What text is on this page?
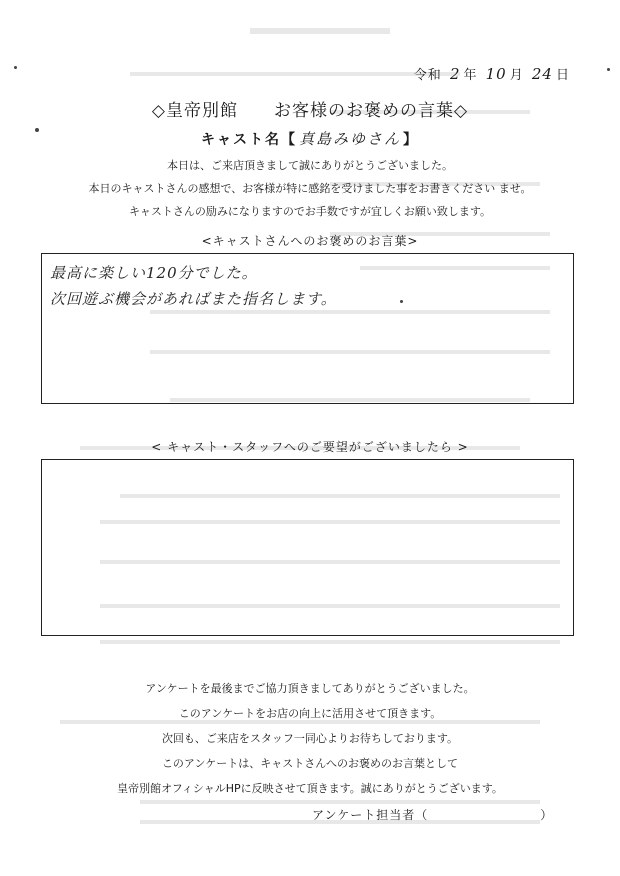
令和 2 年 10 月 24 日
◇皇帝別館　　お客様のお褒めの言葉◇
キャスト名【 真島みゆさん 】
本日は、ご来店頂きまして誠にありがとうございました。
本日のキャストさんの感想で、お客様が特に感銘を受けました事をお書きください ませ。
キャストさんの励みになりますのでお手数ですが宜しくお願い致します。
<キャストさんへのお褒めのお言葉>
最高に楽しい120分でした。
次回遊ぶ機会があればまた指名します。
< キャスト・スタッフへのご要望がございましたら >
アンケートを最後までご協力頂きましてありがとうございました。
このアンケートをお店の向上に活用させて頂きます。
次回も、ご来店をスタッフ一同心よりお待ちしております。
このアンケートは、キャストさんへのお褒めのお言葉として
皇帝別館オフィシャルHPに反映させて頂きます。誠にありがとうございます。
アンケート担当者（	）
